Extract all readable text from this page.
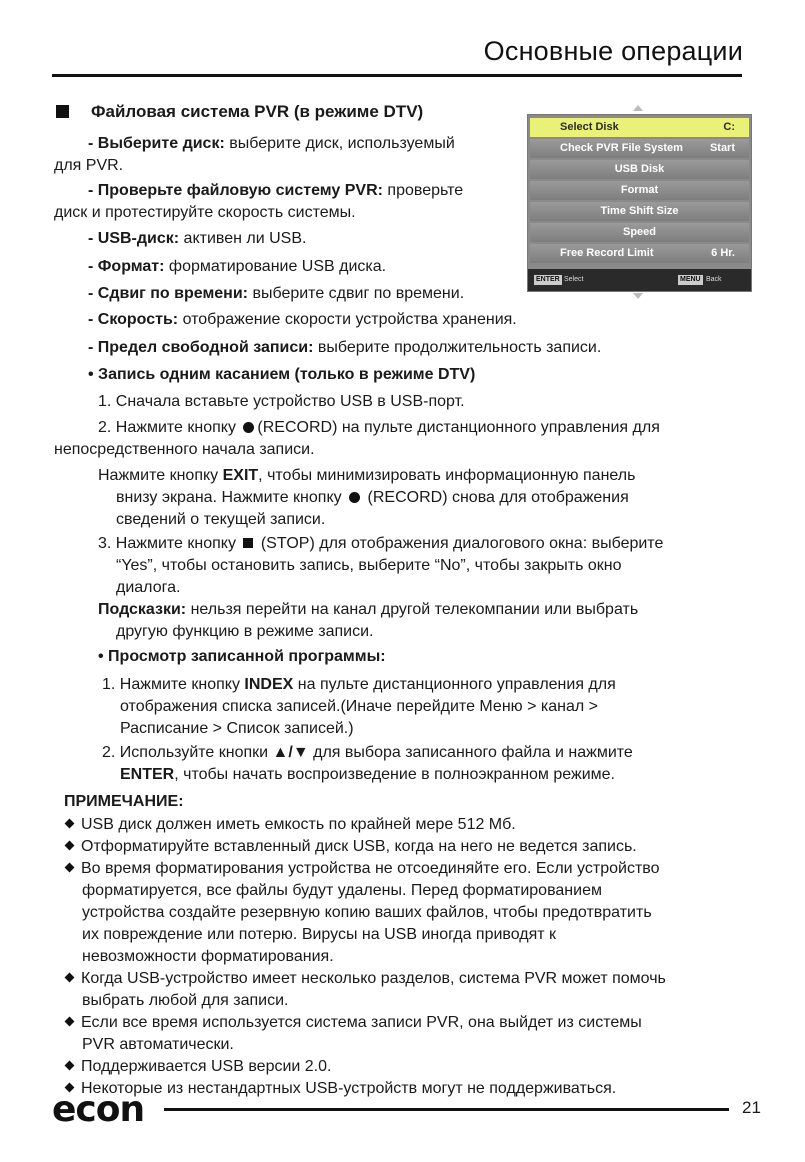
Основные операции
Файловая система PVR (в режиме DTV)
Select Disk	C:
Check PVR File System Start
USB Disk
Format
Time Shift Size
Speed
Free Record Limit	6 Hr.
ENTER Select	MENU Back
- Выберите диск: выберите диск, используемый
для PVR.
- Проверьте файловую систему PVR: проверьте
диск и протестируйте скорость системы.
- USB-диск: активен ли USB.
- Формат: форматирование USB диска.
- Сдвиг по времени: выберите сдвиг по времени.
- Скорость: отображение скорости устройства хранения.
- Предел свободной записи: выберите продолжительность записи.
• Запись одним касанием (только в режиме DTV)
1. Сначала вставьте устройство USB в USB-порт.
2. Нажмите кнопку (RECORD) на пульте дистанционного управления для
непосредственного начала записи.
Нажмите кнопку EXIT, чтобы минимизировать информационную панель
внизу экрана. Нажмите кнопку  (RECORD) снова для отображения
сведений о текущей записи.
3. Нажмите кнопку  (STOP) для отображения диалогового окна: выберите
“Yes”, чтобы остановить запись, выберите “No”, чтобы закрыть окно
диалога.
Подсказки: нельзя перейти на канал другой телекомпании или выбрать
другую функцию в режиме записи.
• Просмотр записанной программы:
1. Нажмите кнопку INDEX на пульте дистанционного управления для
отображения списка записей.(Иначе перейдите Меню > канал >
Расписание > Список записей.)
2. Используйте кнопки ▲/▼ для выбора записанного файла и нажмите
ENTER, чтобы начать воспроизведение в полноэкранном режиме.
ПРИМЕЧАНИЕ:
USB диск должен иметь емкость по крайней мере 512 Мб.
Отформатируйте вставленный диск USB, когда на него не ведется запись.
Во время форматирования устройства не отсоединяйте его. Если устройство
форматируется, все файлы будут удалены. Перед форматированием
устройства создайте резервную копию ваших файлов, чтобы предотвратить
их повреждение или потерю. Вирусы на USB иногда приводят к
невозможности форматирования.
Когда USB-устройство имеет несколько разделов, система PVR может помочь
выбрать любой для записи.
Если все время используется система записи PVR, она выйдет из системы
PVR автоматически.
Поддерживается USB версии 2.0.
Некоторые из нестандартных USB-устройств могут не поддерживаться.
econ	21
